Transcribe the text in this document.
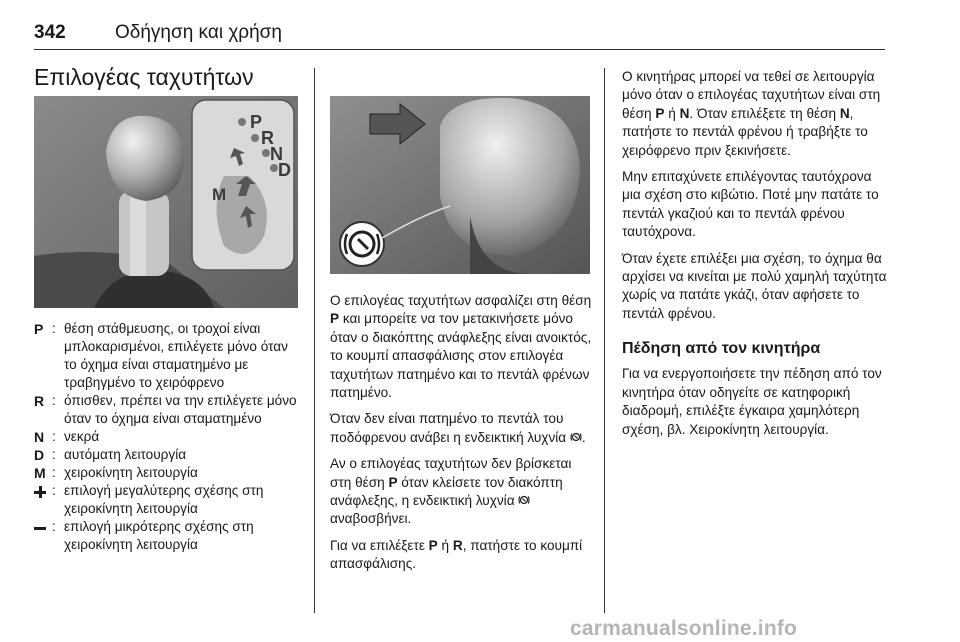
342	Οδήγηση και χρήση
Επιλογέας ταχυτήτων
P
R
N
D
M
P : θέση στάθμευσης, οι τροχοί είναι μπλοκαρισμένοι, επιλέγετε μόνο όταν το όχημα είναι σταματημένο με τραβηγμένο το χειρόφρενο
R : όπισθεν, πρέπει να την επιλέγετε μόνο όταν το όχημα είναι σταματημένο
N : νεκρά
D : αυτόματη λειτουργία
M : χειροκίνητη λειτουργία
: επιλογή μεγαλύτερης σχέσης στη χειροκίνητη λειτουργία
: επιλογή μικρότερης σχέσης στη χειροκίνητη λειτουργία

Ο επιλογέας ταχυτήτων ασφαλίζει στη θέση P και μπορείτε να τον μετακινήσετε μόνο όταν ο διακόπτης ανάφλεξης είναι ανοικτός, το κουμπί απασφάλισης στον επιλογέα ταχυτήτων πατημένο και το πεντάλ φρένων πατημένο.

Όταν δεν είναι πατημένο το πεντάλ του ποδόφρενου ανάβει η ενδεικτική λυχνία .

Αν ο επιλογέας ταχυτήτων δεν βρίσκεται στη θέση P όταν κλείσετε τον διακόπτη ανάφλεξης, η ενδεικτική λυχνία  αναβοσβήνει.

Για να επιλέξετε P ή R, πατήστε το κουμπί απασφάλισης.

Ο κινητήρας μπορεί να τεθεί σε λειτουργία μόνο όταν ο επιλογέας ταχυτήτων είναι στη θέση P ή N. Όταν επιλέξετε τη θέση N, πατήστε το πεντάλ φρένου ή τραβήξτε το χειρόφρενο πριν ξεκινήσετε.

Μην επιταχύνετε επιλέγοντας ταυτόχρονα μια σχέση στο κιβώτιο. Ποτέ μην πατάτε το πεντάλ γκαζιού και το πεντάλ φρένου ταυτόχρονα.

Όταν έχετε επιλέξει μια σχέση, το όχημα θα αρχίσει να κινείται με πολύ χαμηλή ταχύτητα χωρίς να πατάτε γκάζι, όταν αφήσετε το πεντάλ φρένου.

Πέδηση από τον κινητήρα

Για να ενεργοποιήσετε την πέδηση από τον κινητήρα όταν οδηγείτε σε κατηφορική διαδρομή, επιλέξτε έγκαιρα χαμηλότερη σχέση, βλ. Χειροκίνητη λειτουργία.

carmanualsonline.info
